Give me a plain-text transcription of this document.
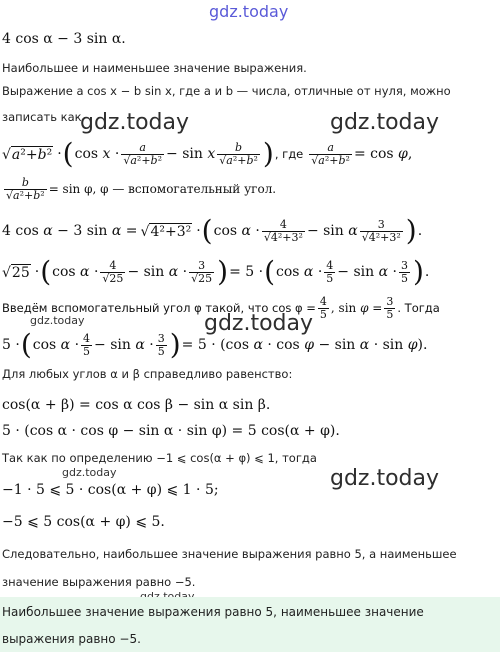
gdz.today
gdz.today	gdz.today
gdz.today
gdz.today
gdz.today
gdz.today
4 cos α − 3 sin α.
Наибольшее и наименьшее значение выражения.
Выражение a cos x − b sin x, где a и b — числа, отличные от нуля, можно
записать как
√a²+b² · ( $\cos x \cdot \frac{a}{\text{√a²+b²}} - \sin x \frac{b}{\text{√a²+b²}}$ ) , где $\frac{a}{\text{√a²+b²}} = \cos \varphi$,
$\frac{b}{\text{√a²+b²}} = \sin \varphi$, φ — вспомогательный угол.
4 cos α − 3 sin α = √4²+3² · ( $\cos \alpha \cdot \frac{4}{\text{√4²+3²}} - \sin \alpha \frac{3}{\text{√4²+3²}}$ ) .
√25 · ( $\cos \alpha \cdot \frac{4}{√25} - \sin \alpha \cdot \frac{3}{√25}$ ) = 5 · ( $\cos \alpha \cdot \frac{4}{5} - \sin \alpha \cdot \frac{3}{5}$ ) .
Введём вспомогательный угол φ такой, что $\cos \varphi = \frac{4}{5}$ , $\sin \varphi = \frac{3}{5}$ . Тогда
5 · ( $\cos \alpha \cdot \frac{4}{5} - \sin \alpha \cdot \frac{3}{5}$ ) = 5 · (cos α · cos φ − sin α · sin φ).
Для любых углов α и β справедливо равенство:
cos(α + β) = cos α cos β − sin α sin β.
5 · (cos α · cos φ − sin α · sin φ) = 5 cos(α + φ).
Так как по определению −1 ⩽ cos(α + φ) ⩽ 1, тогда
−1 · 5 ⩽ 5 · cos(α + φ) ⩽ 1 · 5;
−5 ⩽ 5 cos(α + φ) ⩽ 5.
Следовательно, наибольшее значение выражения равно 5, а наименьшее
значение выражения равно −5.
Наибольшее значение выражения равно 5, наименьшее значение
выражения равно −5.
